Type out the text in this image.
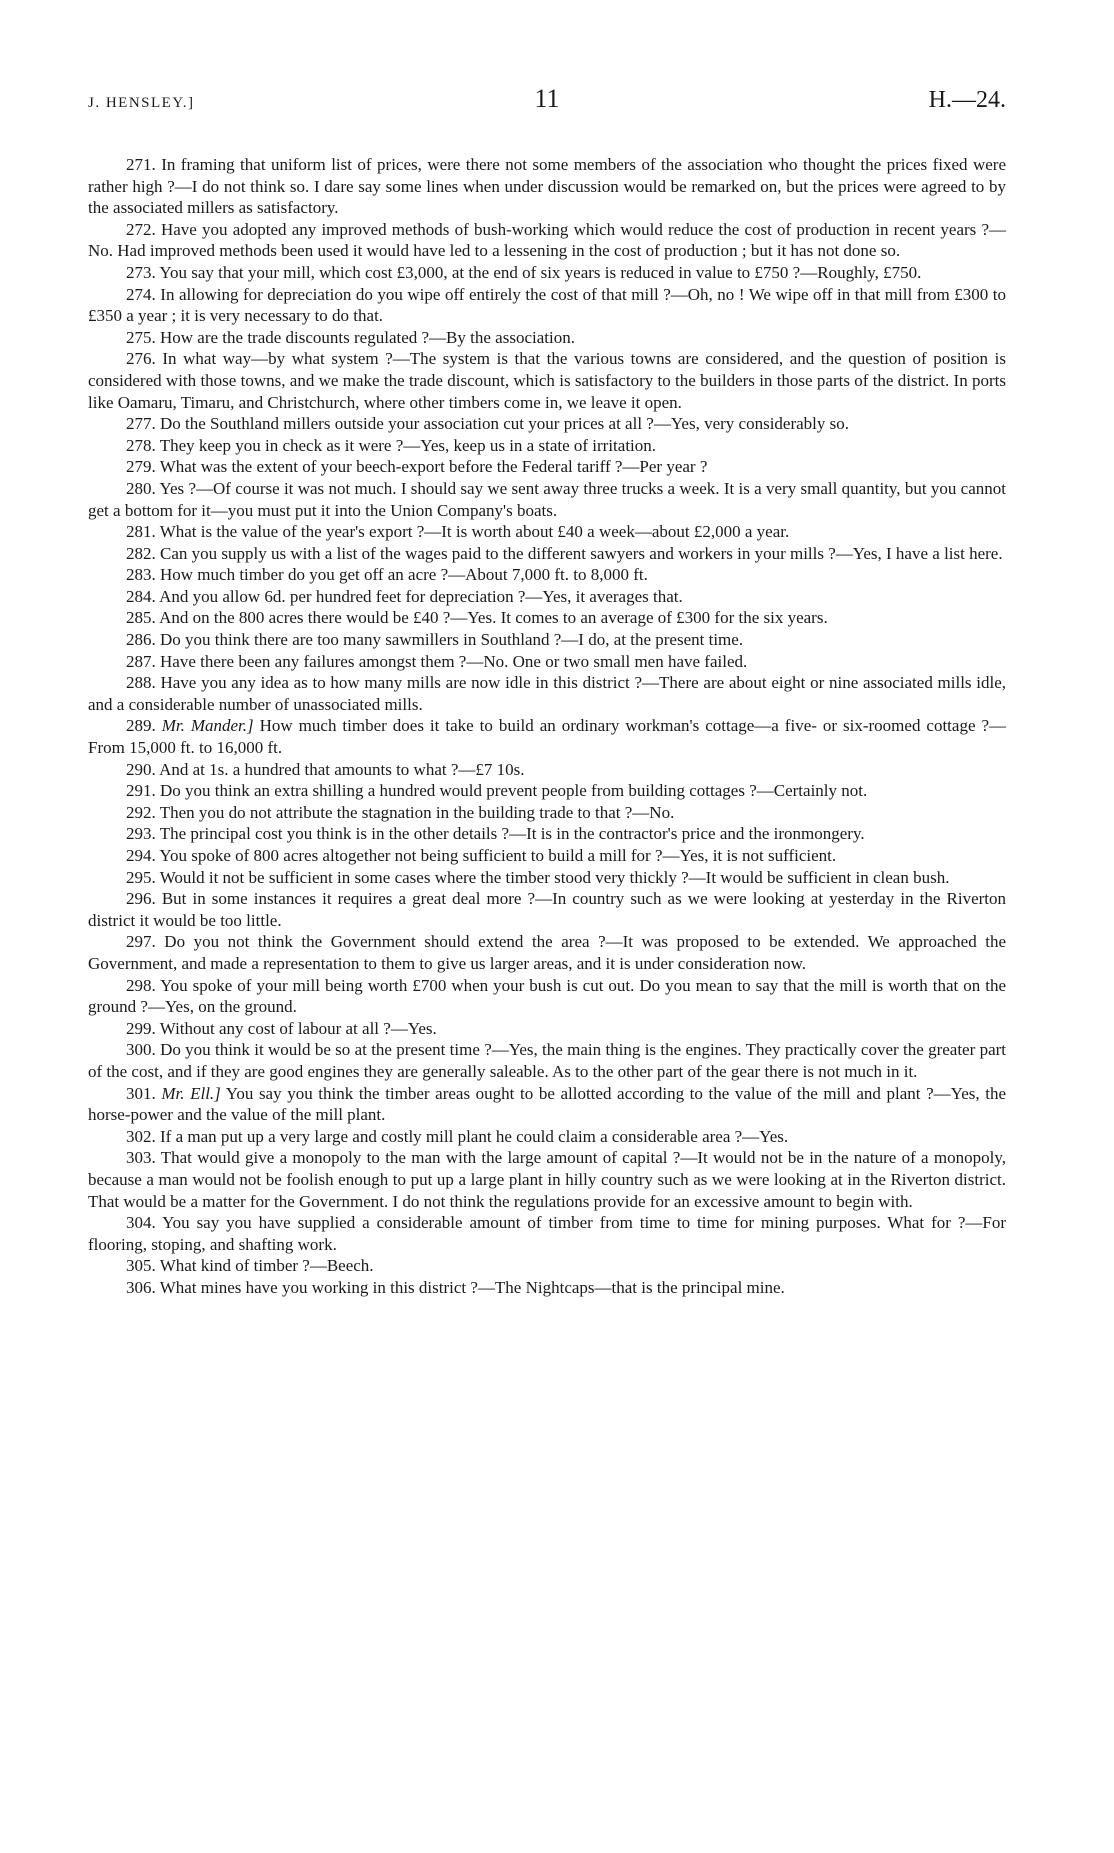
J. HENSLEY.]	11	H.—24.

271. In framing that uniform list of prices, were there not some members of the association who thought the prices fixed were rather high ?—I do not think so. I dare say some lines when under discussion would be remarked on, but the prices were agreed to by the associated millers as satisfactory.

272. Have you adopted any improved methods of bush-working which would reduce the cost of production in recent years ?—No. Had improved methods been used it would have led to a lessening in the cost of production ; but it has not done so.

273. You say that your mill, which cost £3,000, at the end of six years is reduced in value to £750 ?—Roughly, £750.

274. In allowing for depreciation do you wipe off entirely the cost of that mill ?—Oh, no ! We wipe off in that mill from £300 to £350 a year ; it is very necessary to do that.

275. How are the trade discounts regulated ?—By the association.

276. In what way—by what system ?—The system is that the various towns are considered, and the question of position is considered with those towns, and we make the trade discount, which is satisfactory to the builders in those parts of the district. In ports like Oamaru, Timaru, and Christchurch, where other timbers come in, we leave it open.

277. Do the Southland millers outside your association cut your prices at all ?—Yes, very considerably so.

278. They keep you in check as it were ?—Yes, keep us in a state of irritation.

279. What was the extent of your beech-export before the Federal tariff ?—Per year ?

280. Yes ?—Of course it was not much. I should say we sent away three trucks a week. It is a very small quantity, but you cannot get a bottom for it—you must put it into the Union Company's boats.

281. What is the value of the year's export ?—It is worth about £40 a week—about £2,000 a year.

282. Can you supply us with a list of the wages paid to the different sawyers and workers in your mills ?—Yes, I have a list here.

283. How much timber do you get off an acre ?—About 7,000 ft. to 8,000 ft.

284. And you allow 6d. per hundred feet for depreciation ?—Yes, it averages that.

285. And on the 800 acres there would be £40 ?—Yes. It comes to an average of £300 for the six years.

286. Do you think there are too many sawmillers in Southland ?—I do, at the present time.

287. Have there been any failures amongst them ?—No. One or two small men have failed.

288. Have you any idea as to how many mills are now idle in this district ?—There are about eight or nine associated mills idle, and a considerable number of unassociated mills.

289. Mr. Mander.] How much timber does it take to build an ordinary workman's cottage—a five- or six-roomed cottage ?—From 15,000 ft. to 16,000 ft.

290. And at 1s. a hundred that amounts to what ?—£7 10s.

291. Do you think an extra shilling a hundred would prevent people from building cottages ?—Certainly not.

292. Then you do not attribute the stagnation in the building trade to that ?—No.

293. The principal cost you think is in the other details ?—It is in the contractor's price and the ironmongery.

294. You spoke of 800 acres altogether not being sufficient to build a mill for ?—Yes, it is not sufficient.

295. Would it not be sufficient in some cases where the timber stood very thickly ?—It would be sufficient in clean bush.

296. But in some instances it requires a great deal more ?—In country such as we were looking at yesterday in the Riverton district it would be too little.

297. Do you not think the Government should extend the area ?—It was proposed to be extended. We approached the Government, and made a representation to them to give us larger areas, and it is under consideration now.

298. You spoke of your mill being worth £700 when your bush is cut out. Do you mean to say that the mill is worth that on the ground ?—Yes, on the ground.

299. Without any cost of labour at all ?—Yes.

300. Do you think it would be so at the present time ?—Yes, the main thing is the engines. They practically cover the greater part of the cost, and if they are good engines they are generally saleable. As to the other part of the gear there is not much in it.

301. Mr. Ell.] You say you think the timber areas ought to be allotted according to the value of the mill and plant ?—Yes, the horse-power and the value of the mill plant.

302. If a man put up a very large and costly mill plant he could claim a considerable area ?—Yes.

303. That would give a monopoly to the man with the large amount of capital ?—It would not be in the nature of a monopoly, because a man would not be foolish enough to put up a large plant in hilly country such as we were looking at in the Riverton district. That would be a matter for the Government. I do not think the regulations provide for an excessive amount to begin with.

304. You say you have supplied a considerable amount of timber from time to time for mining purposes. What for ?—For flooring, stoping, and shafting work.

305. What kind of timber ?—Beech.

306. What mines have you working in this district ?—The Nightcaps—that is the principal mine.
